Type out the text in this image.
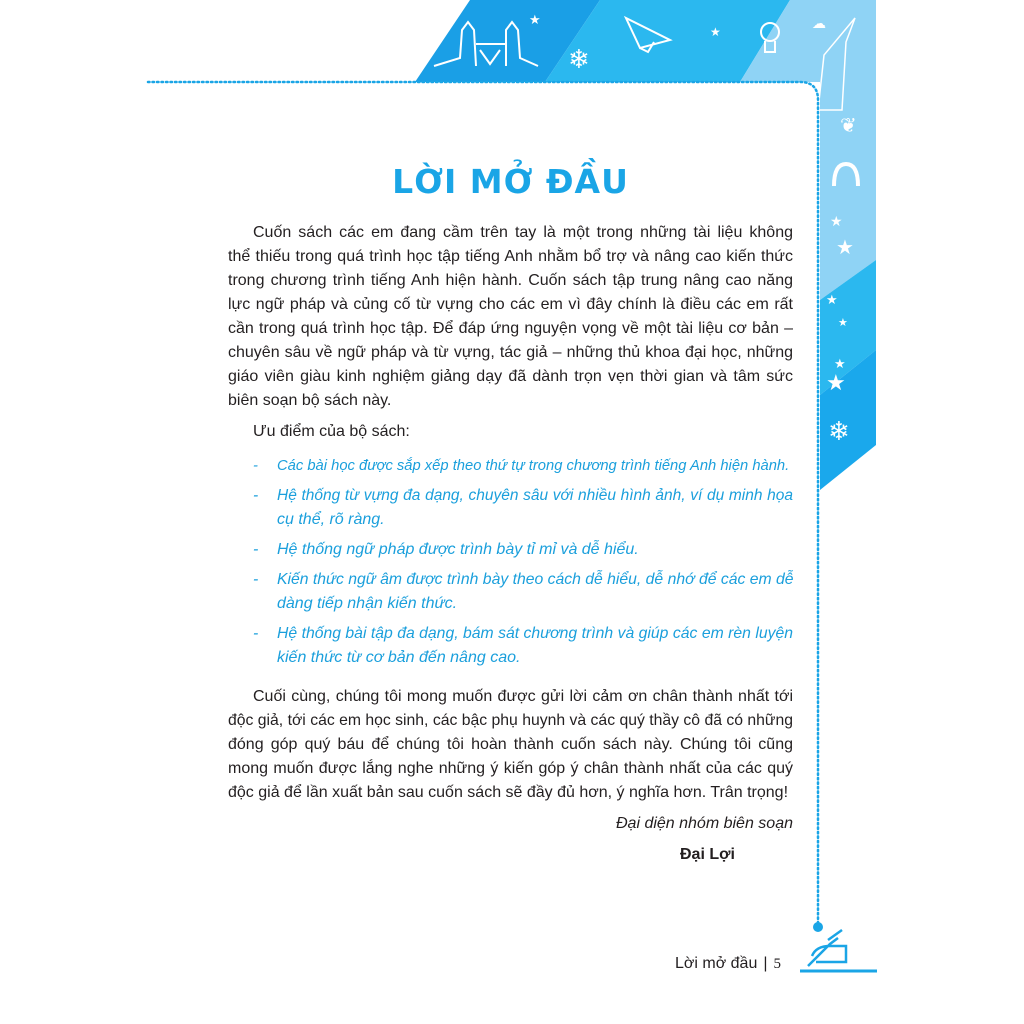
★
❄
★
☁
❦
★
★
★
★
★
★
❄
LỜI MỞ ĐẦU
Cuốn sách các em đang cầm trên tay là một trong những tài liệu không
thể thiếu trong quá trình học tập tiếng Anh nhằm bổ trợ và nâng cao kiến thức
trong chương trình tiếng Anh hiện hành. Cuốn sách tập trung nâng cao năng
lực ngữ pháp và củng cố từ vựng cho các em vì đây chính là điều các em rất
cần trong quá trình học tập. Để đáp ứng nguyện vọng về một tài liệu cơ bản –
chuyên sâu về ngữ pháp và từ vựng, tác giả – những thủ khoa đại học, những
giáo viên giàu kinh nghiệm giảng dạy đã dành trọn vẹn thời gian và tâm sức
biên soạn bộ sách này.
Ưu điểm của bộ sách:
Các bài học được sắp xếp theo thứ tự trong chương trình tiếng Anh hiện hành.
-
Hệ thống từ vựng đa dạng, chuyên sâu với nhiều hình ảnh, ví dụ minh họa
-
cụ thể, rõ ràng.
Hệ thống ngữ pháp được trình bày tỉ mỉ và dễ hiểu.
-
Kiến thức ngữ âm được trình bày theo cách dễ hiểu, dễ nhớ để các em dễ
-
dàng tiếp nhận kiến thức.
Hệ thống bài tập đa dạng, bám sát chương trình và giúp các em rèn luyện
-
kiến thức từ cơ bản đến nâng cao.
Cuối cùng, chúng tôi mong muốn được gửi lời cảm ơn chân thành nhất tới
độc giả, tới các em học sinh, các bậc phụ huynh và các quý thầy cô đã có những
đóng góp quý báu để chúng tôi hoàn thành cuốn sách này. Chúng tôi cũng
mong muốn được lắng nghe những ý kiến góp ý chân thành nhất của các quý
độc giả để lần xuất bản sau cuốn sách sẽ đầy đủ hơn, ý nghĩa hơn. Trân trọng!
Đại diện nhóm biên soạn
Đại Lợi
Lời mở đầu | 5
